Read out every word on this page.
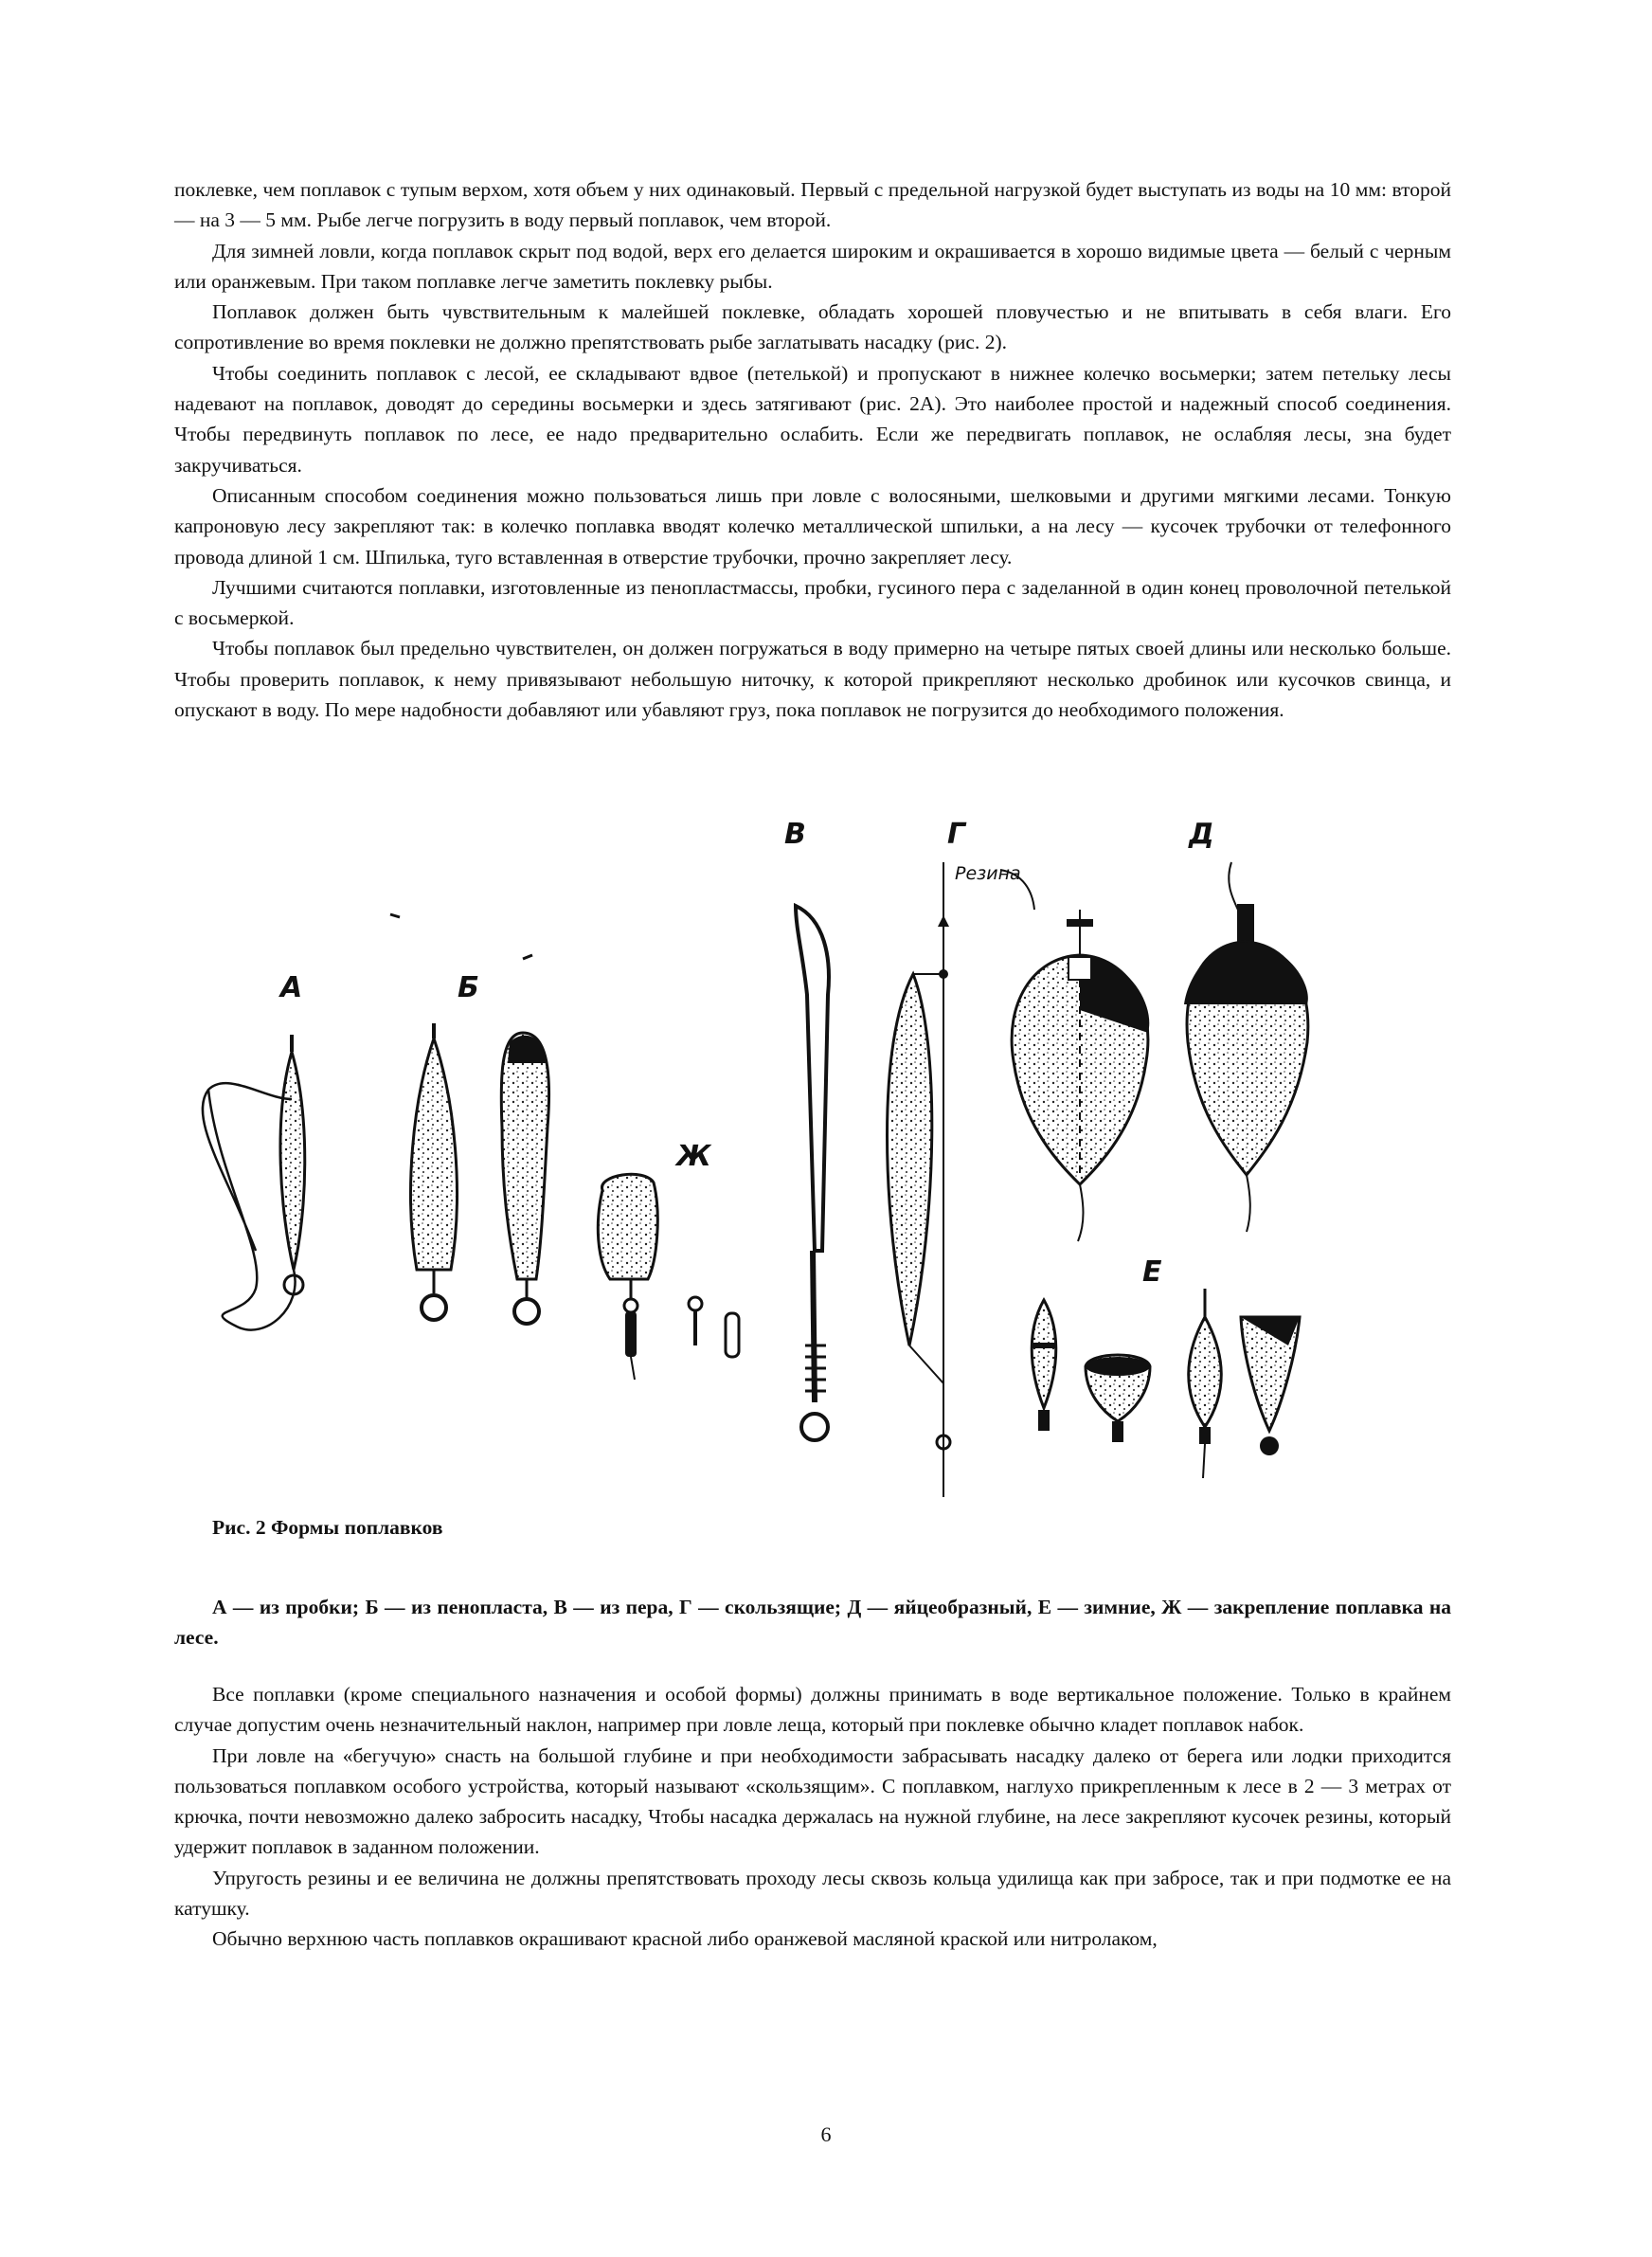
поклевке, чем поплавок с тупым верхом, хотя объем у них одинаковый. Первый с предельной нагрузкой будет выступать из воды на 10 мм: второй — на 3 — 5 мм. Рыбе легче погрузить в воду первый поплавок, чем второй.

Для зимней ловли, когда поплавок скрыт под водой, верх его делается широким и окрашивается в хорошо видимые цвета — белый с черным или оранжевым. При таком поплавке легче заметить поклевку рыбы.

Поплавок должен быть чувствительным к малейшей поклевке, обладать хорошей пловучестью и не впитывать в себя влаги. Его сопротивление во время поклевки не должно препятствовать рыбе заглатывать насадку (рис. 2).

Чтобы соединить поплавок с лесой, ее складывают вдвое (петелькой) и пропускают в нижнее колечко восьмерки; затем петельку лесы надевают на поплавок, доводят до середины восьмерки и здесь затягивают (рис. 2А). Это наиболее простой и надежный способ соединения. Чтобы передвинуть поплавок по лесе, ее надо предварительно ослабить. Если же передвигать поплавок, не ослабляя лесы, зна будет закручиваться.

Описанным способом соединения можно пользоваться лишь при ловле с волосяными, шелковыми и другими мягкими лесами. Тонкую капроновую лесу закрепляют так: в колечко поплавка вводят колечко металлической шпильки, а на лесу — кусочек трубочки от телефонного провода длиной 1 см. Шпилька, туго вставленная в отверстие трубочки, прочно закрепляет лесу.

Лучшими считаются поплавки, изготовленные из пенопластмассы, пробки, гусиного пера с заделанной в один конец проволочной петелькой с восьмеркой.

Чтобы поплавок был предельно чувствителен, он должен погружаться в воду примерно на четыре пятых своей длины или несколько больше. Чтобы проверить поплавок, к нему привязывают небольшую ниточку, к которой прикрепляют несколько дробинок или кусочков свинца, и опускают в воду. По мере надобности добавляют или убавляют груз, пока поплавок не погрузится до необходимого положения.

А	Б
В	Г	Д
Е
Ж
Резина
Рис. 2 Формы поплавков
А — из пробки; Б — из пенопласта, В — из пера, Г — скользящие; Д — яйцеобразный, Е — зимние, Ж — закрепление поплавка на лесе.

Все поплавки (кроме специального назначения и особой формы) должны принимать в воде вертикальное положение. Только в крайнем случае допустим очень незначительный наклон, например при ловле леща, который при поклевке обычно кладет поплавок набок.

При ловле на «бегучую» снасть на большой глубине и при необходимости забрасывать насадку далеко от берега или лодки приходится пользоваться поплавком особого устройства, который называют «скользящим». С поплавком, наглухо прикрепленным к лесе в 2 — 3 метрах от крючка, почти невозможно далеко забросить насадку, Чтобы насадка держалась на нужной глубине, на лесе закрепляют кусочек резины, который удержит поплавок в заданном положении.

Упругость резины и ее величина не должны препятствовать проходу лесы сквозь кольца удилища как при забросе, так и при подмотке ее на катушку.

Обычно верхнюю часть поплавков окрашивают красной либо оранжевой масляной краской или нитролаком,

6
